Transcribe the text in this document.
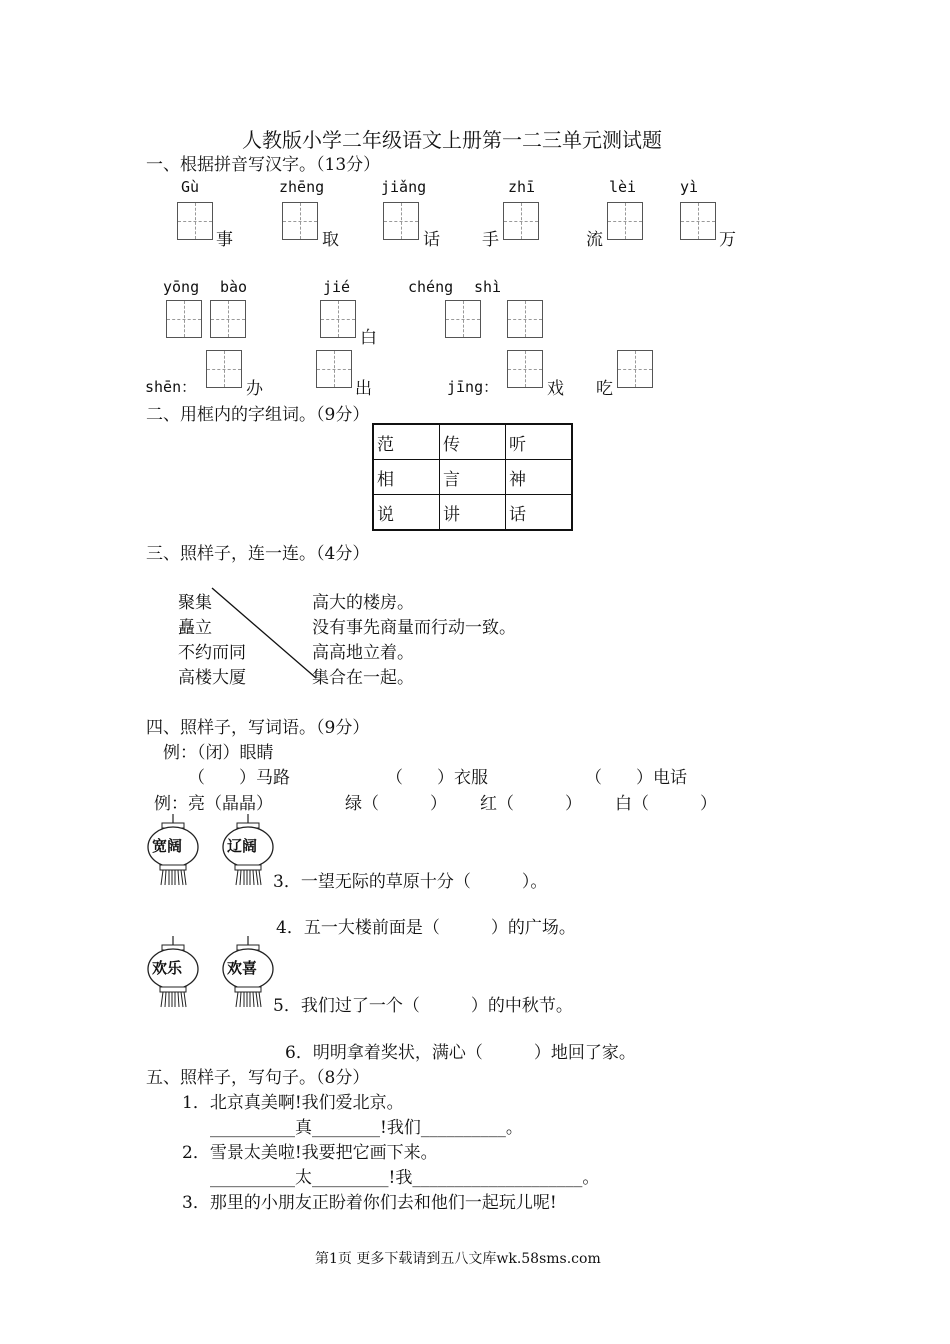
人教版小学二年级语文上册第一二三单元测试题
一、根据拼音写汉字。（13分）
Gù	zhēng	jiǎng	zhī	lèi	yì
事	取	话 手	流	万
yōng bào	jié	chéng shì
白
shēn：	办	出	jīng：	戏 吃
二、用框内的字组词。（9分）
范	传	听
相	言	神
说	讲	话
三、照样子，连一连。（4分）
聚集
矗立
不约而同
高楼大厦
高大的楼房。
没有事先商量而行动一致。
高高地立着。
集合在一起。
四、照样子，写词语。（9分）
例：（闭）眼睛
（　　）马路	（　　）衣服	（　　）电话
例：亮（晶晶）	绿（　　　） 红（　　　） 白（　　　）
宽阔	辽阔
3．一望无际的草原十分（　　　）。
4．五一大楼前面是（　　　）的广场。
欢乐	欢喜
5．我们过了一个（　　　）的中秋节。
6．明明拿着奖状，满心（　　　）地回了家。
五、照样子，写句子。（8分）
1．北京真美啊!我们爱北京。
__________真________!我们__________。
2．雪景太美啦!我要把它画下来。
__________太_________!我____________________。
3．那里的小朋友正盼着你们去和他们一起玩儿呢!
第1页 更多下载请到五八文库wk.58sms.com
